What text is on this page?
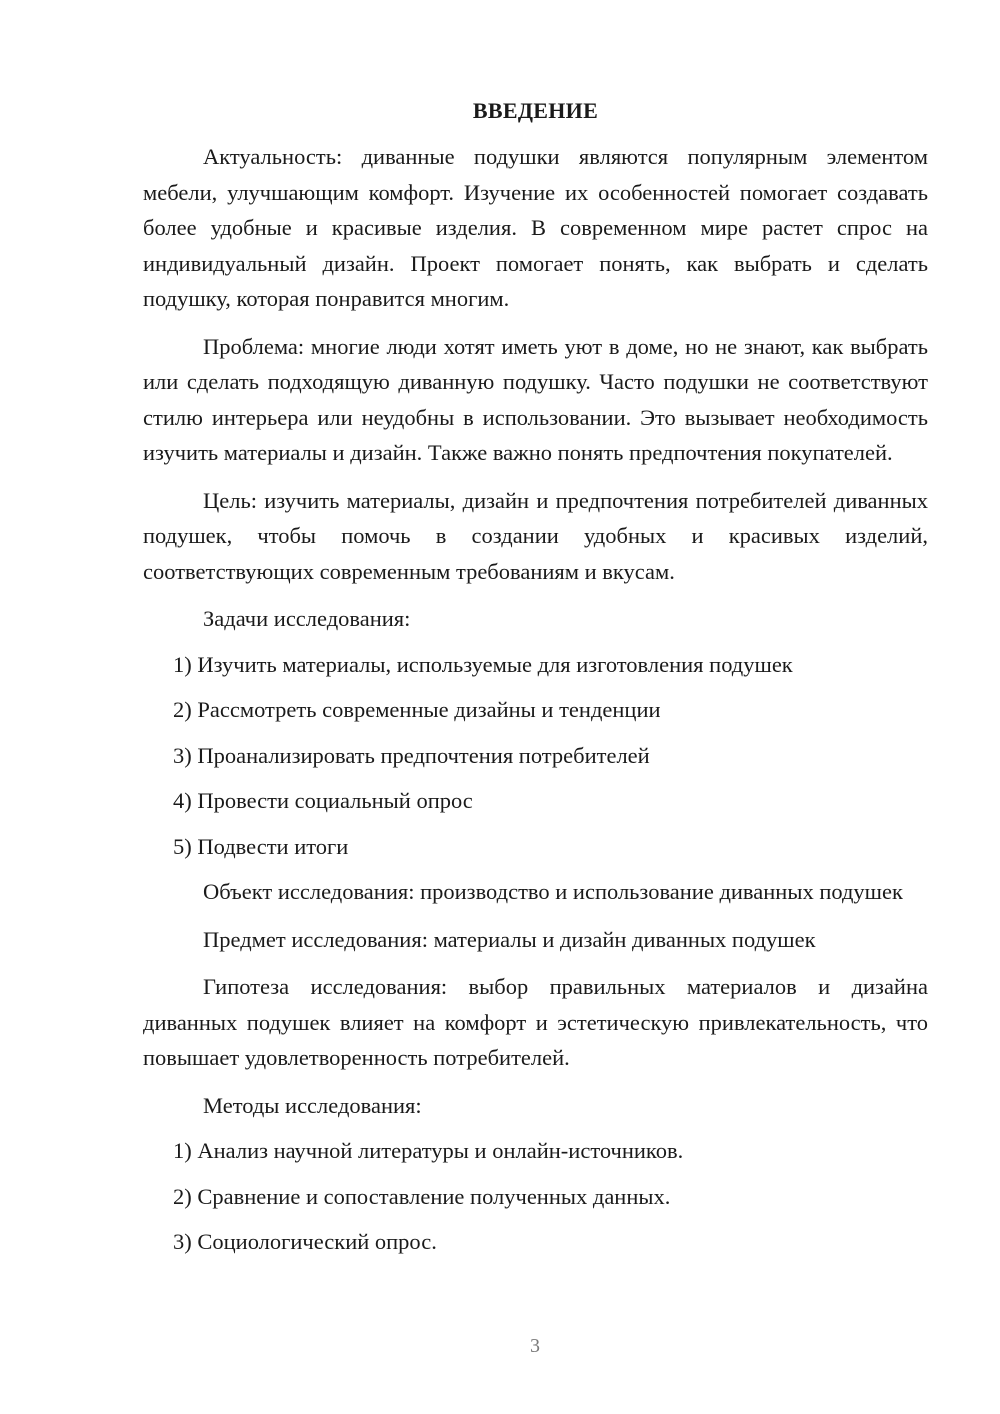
ВВЕДЕНИЕ

Актуальность: диванные подушки являются популярным элементом мебели, улучшающим комфорт. Изучение их особенностей помогает создавать более удобные и красивые изделия. В современном мире растет спрос на индивидуальный дизайн. Проект помогает понять, как выбрать и сделать подушку, которая понравится многим.

Проблема: многие люди хотят иметь уют в доме, но не знают, как выбрать или сделать подходящую диванную подушку. Часто подушки не соответствуют стилю интерьера или неудобны в использовании. Это вызывает необходимость изучить материалы и дизайн. Также важно понять предпочтения покупателей.

Цель: изучить материалы, дизайн и предпочтения потребителей диванных подушек, чтобы помочь в создании удобных и красивых изделий, соответствующих современным требованиям и вкусам.

Задачи исследования:

1) Изучить материалы, используемые для изготовления подушек
2) Рассмотреть современные дизайны и тенденции
3) Проанализировать предпочтения потребителей
4) Провести социальный опрос
5) Подвести итоги

Объект исследования: производство и использование диванных подушек

Предмет исследования: материалы и дизайн диванных подушек

Гипотеза исследования: выбор правильных материалов и дизайна диванных подушек влияет на комфорт и эстетическую привлекательность, что повышает удовлетворенность потребителей.

Методы исследования:

1) Анализ научной литературы и онлайн-источников.
2) Сравнение и сопоставление полученных данных.
3) Социологический опрос.
3
